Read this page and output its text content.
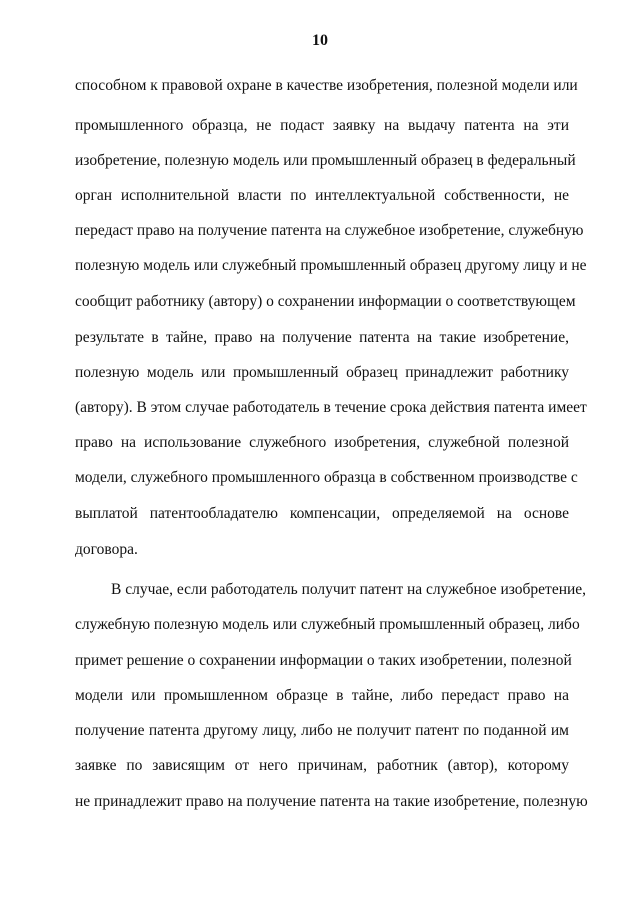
10
способном к правовой охране в качестве изобретения, полезной модели или
промышленного образца, не подаст заявку на выдачу патента на эти
изобретение, полезную модель или промышленный образец в федеральный
орган исполнительной власти по интеллектуальной собственности, не
передаст право на получение патента на служебное изобретение, служебную
полезную модель или служебный промышленный образец другому лицу и не
сообщит работнику (автору) о сохранении информации о соответствующем
результате в тайне, право на получение патента на такие изобретение,
полезную модель или промышленный образец принадлежит работнику
(автору). В этом случае работодатель в течение срока действия патента имеет
право на использование служебного изобретения, служебной полезной
модели, служебного промышленного образца в собственном производстве с
выплатой патентообладателю компенсации, определяемой на основе
договора.
В случае, если работодатель получит патент на служебное изобретение,
служебную полезную модель или служебный промышленный образец, либо
примет решение о сохранении информации о таких изобретении, полезной
модели или промышленном образце в тайне, либо передаст право на
получение патента другому лицу, либо не получит патент по поданной им
заявке по зависящим от него причинам, работник (автор), которому
не принадлежит право на получение патента на такие изобретение, полезную
